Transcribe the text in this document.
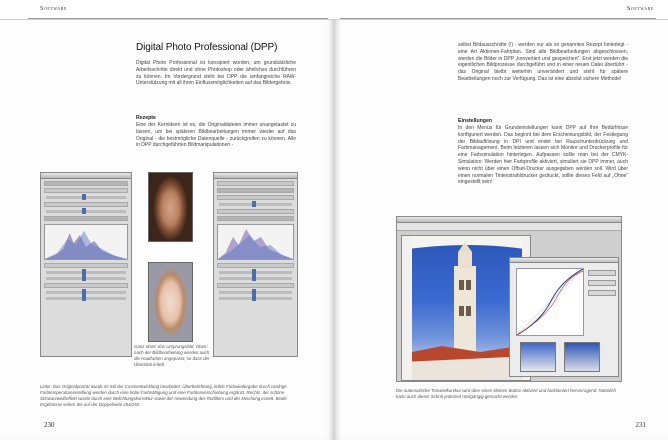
Software
Digital Photo Professional (DPP)
Digital Photo Professional ist konsipiert worden, um grundsätzliche Arbeitsschritte direkt und ohne Photoshop oder ähnliches durchführen zu können. Im Vordergrund steht bei DPP die umfangreiche RAW-Unterstützung mit all ihren Einflussmöglichkeiten auf das Bildergebnis.
Rezepte
Eine der Kernideen ist es, die Originaldateien immer unangetastet zu lassen, um bei späteren Bildbearbeitungen immer wieder auf das Original - die bestmögliche Datenquelle - zurückgreifen zu können. Alle in DPP durchgeführten Bildmanipulationen -
Ganz oben: das Ursprungsbild. Oben: nach der Bildbearbeitung werden auch die Hautfarben angepasst, so dass der Übertrieb kritelt.
Links: Das Originalporträt wurde im Stil der Crossentwicklung bearbeitet: Überbelichtung, kühle Farbwiedergabe durch niedrige Farbtemperatureinstellung werden durch eine hohe Farbsättigung und eine Farbtonverschiebung ergänzt. Rechts: der schöne Schwarzweißeffekt wurde durch eine Belichtungskorrektur sowie der Anwendung des Rotfilters und der Mischung erzielt. Beide Ergebnisse sehen Sie auf der Doppelseite 254/255.
230
Software
selbst Bildausschnitte (!) - werden nur als so genanntes Rezept hinterlegt - eine Art Aktionen-Fahrplan. Sind alle Bildbearbeitungen abgeschlossen, werden die Bilder in DPP „konvertiert und gespeichert“. Erst jetzt werden die eigentlichen Bildprozesse durchgeführt und in einer neuen Datei übertührt - das Original bleibt weiterhin unverändert und steht für spätere Bearbeitungen noch zur Verfügung. Das ist eine absolut sichere Methode!
Einstellungen
In den Menüs für Grundeinstellungen kann DPP auf Ihre Bedürfnisse konfiguriert werden. Das beginnt bei dem Erscheinungsbild, der Festlegung der Bildauflösung in DPI und endet bei Rauschunterdrückung und Farbmanagement. Beim letzteren lassen sich Monitor und Druckerprofile für eine Farbsimulation hinterlegen. Aufpassen sollte man bei der CMYK-Simulation: Werden hier Farbprofile aktiviert, simuliert sie DPP immer, auch wenn nicht über einen Offset-Drucker ausgegeben werden soll. Wird über einen normalen Tintenstrahldrucker gedruckt, sollte dieses Feld auf „Ohne“ eingestellt sein!
Die automatische Tonwertkurvkur wird über einen kleinen Button aktiviert und funktioniert hervorragend. Natürlich kann auch dieser Schritt jederzeit rückgängig gemacht werden.
231
